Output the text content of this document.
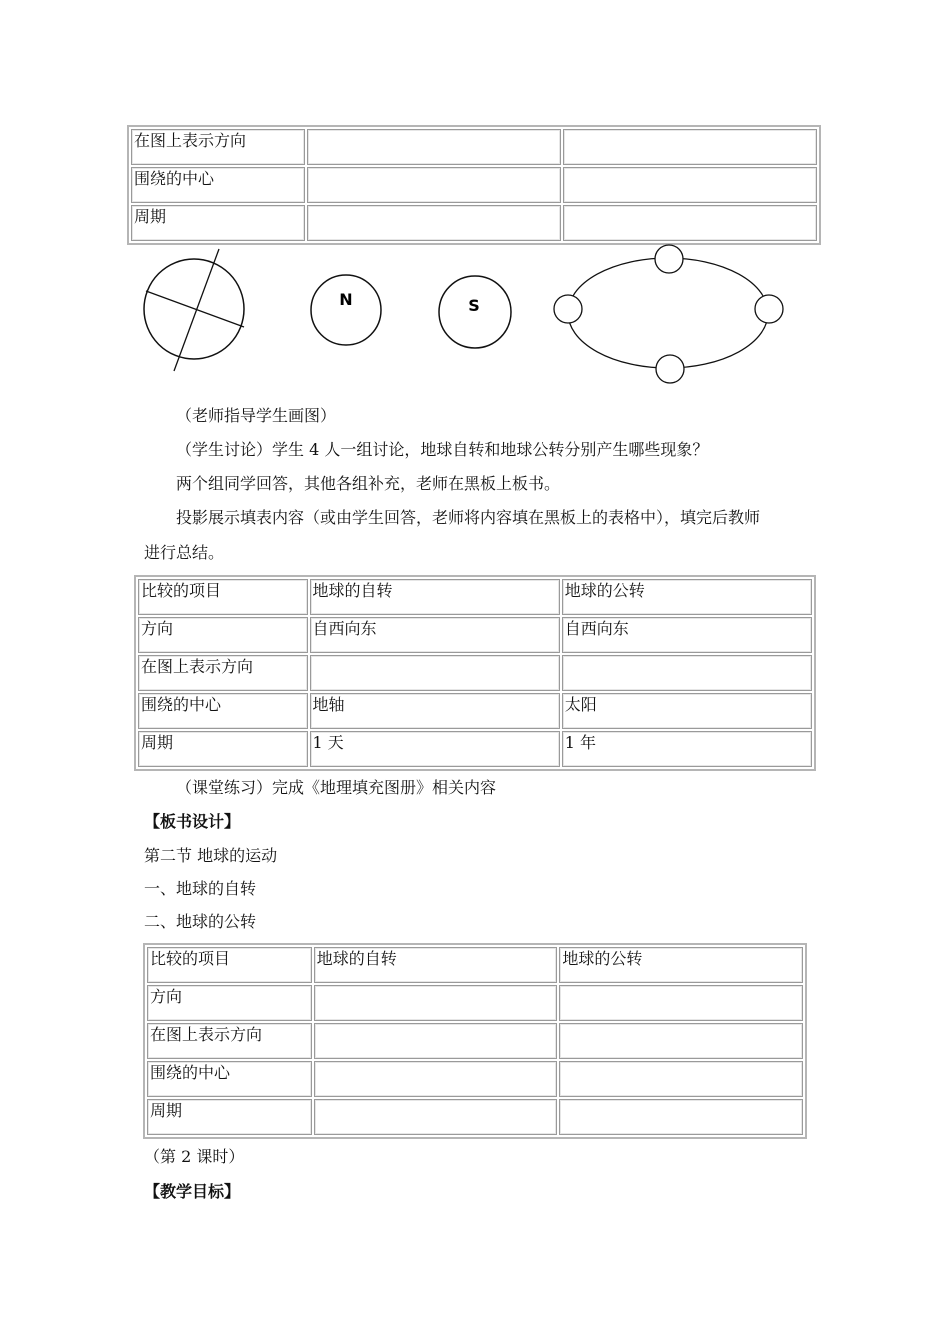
在图上表示方向		
围绕的中心		
周期		
N	S
（老师指导学生画图）
（学生讨论）学生 4 人一组讨论，地球自转和地球公转分别产生哪些现象？
两个组同学回答，其他各组补充，老师在黑板上板书。
投影展示填表内容（或由学生回答，老师将内容填在黑板上的表格中），填完后教师
进行总结。
比较的项目	地球的自转	地球的公转
方向	自西向东	自西向东
在图上表示方向		
围绕的中心	地轴	太阳
周期	1 天	1 年
（课堂练习）完成《地理填充图册》相关内容
【板书设计】
第二节 地球的运动
一、地球的自转
二、地球的公转
比较的项目	地球的自转	地球的公转
方向		
在图上表示方向		
围绕的中心		
周期		
（第 2 课时）
【教学目标】
